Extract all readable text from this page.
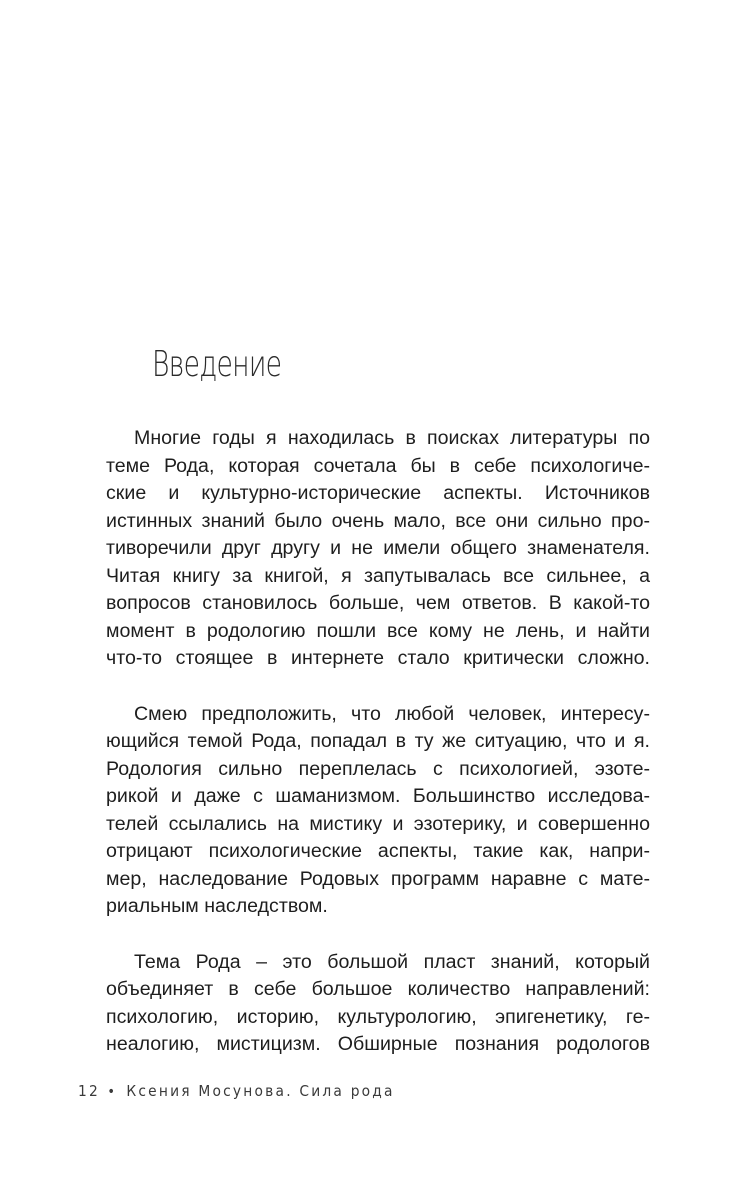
Введение

Многие годы я находилась в поисках литературы по
теме Рода, которая сочетала бы в себе психологиче-
ские и культурно-исторические аспекты. Источников
истинных знаний было очень мало, все они сильно про-
тиворечили друг другу и не имели общего знаменателя.
Читая книгу за книгой, я запутывалась все сильнее, а
вопросов становилось больше, чем ответов. В какой-то
момент в родологию пошли все кому не лень, и найти
что-то стоящее в интернете стало критически сложно.

Смею предположить, что любой человек, интересу-
ющийся темой Рода, попадал в ту же ситуацию, что и я.
Родология сильно переплелась с психологией, эзоте-
рикой и даже с шаманизмом. Большинство исследова-
телей ссылались на мистику и эзотерику, и совершенно
отрицают психологические аспекты, такие как, напри-
мер, наследование Родовых программ наравне с мате-
риальным наследством.

Тема Рода – это большой пласт знаний, который
объединяет в себе большое количество направлений:
психологию, историю, культурологию, эпигенетику, ге-
неалогию, мистицизм. Обширные познания родологов

12 • Ксения Мосунова. Сила рода
